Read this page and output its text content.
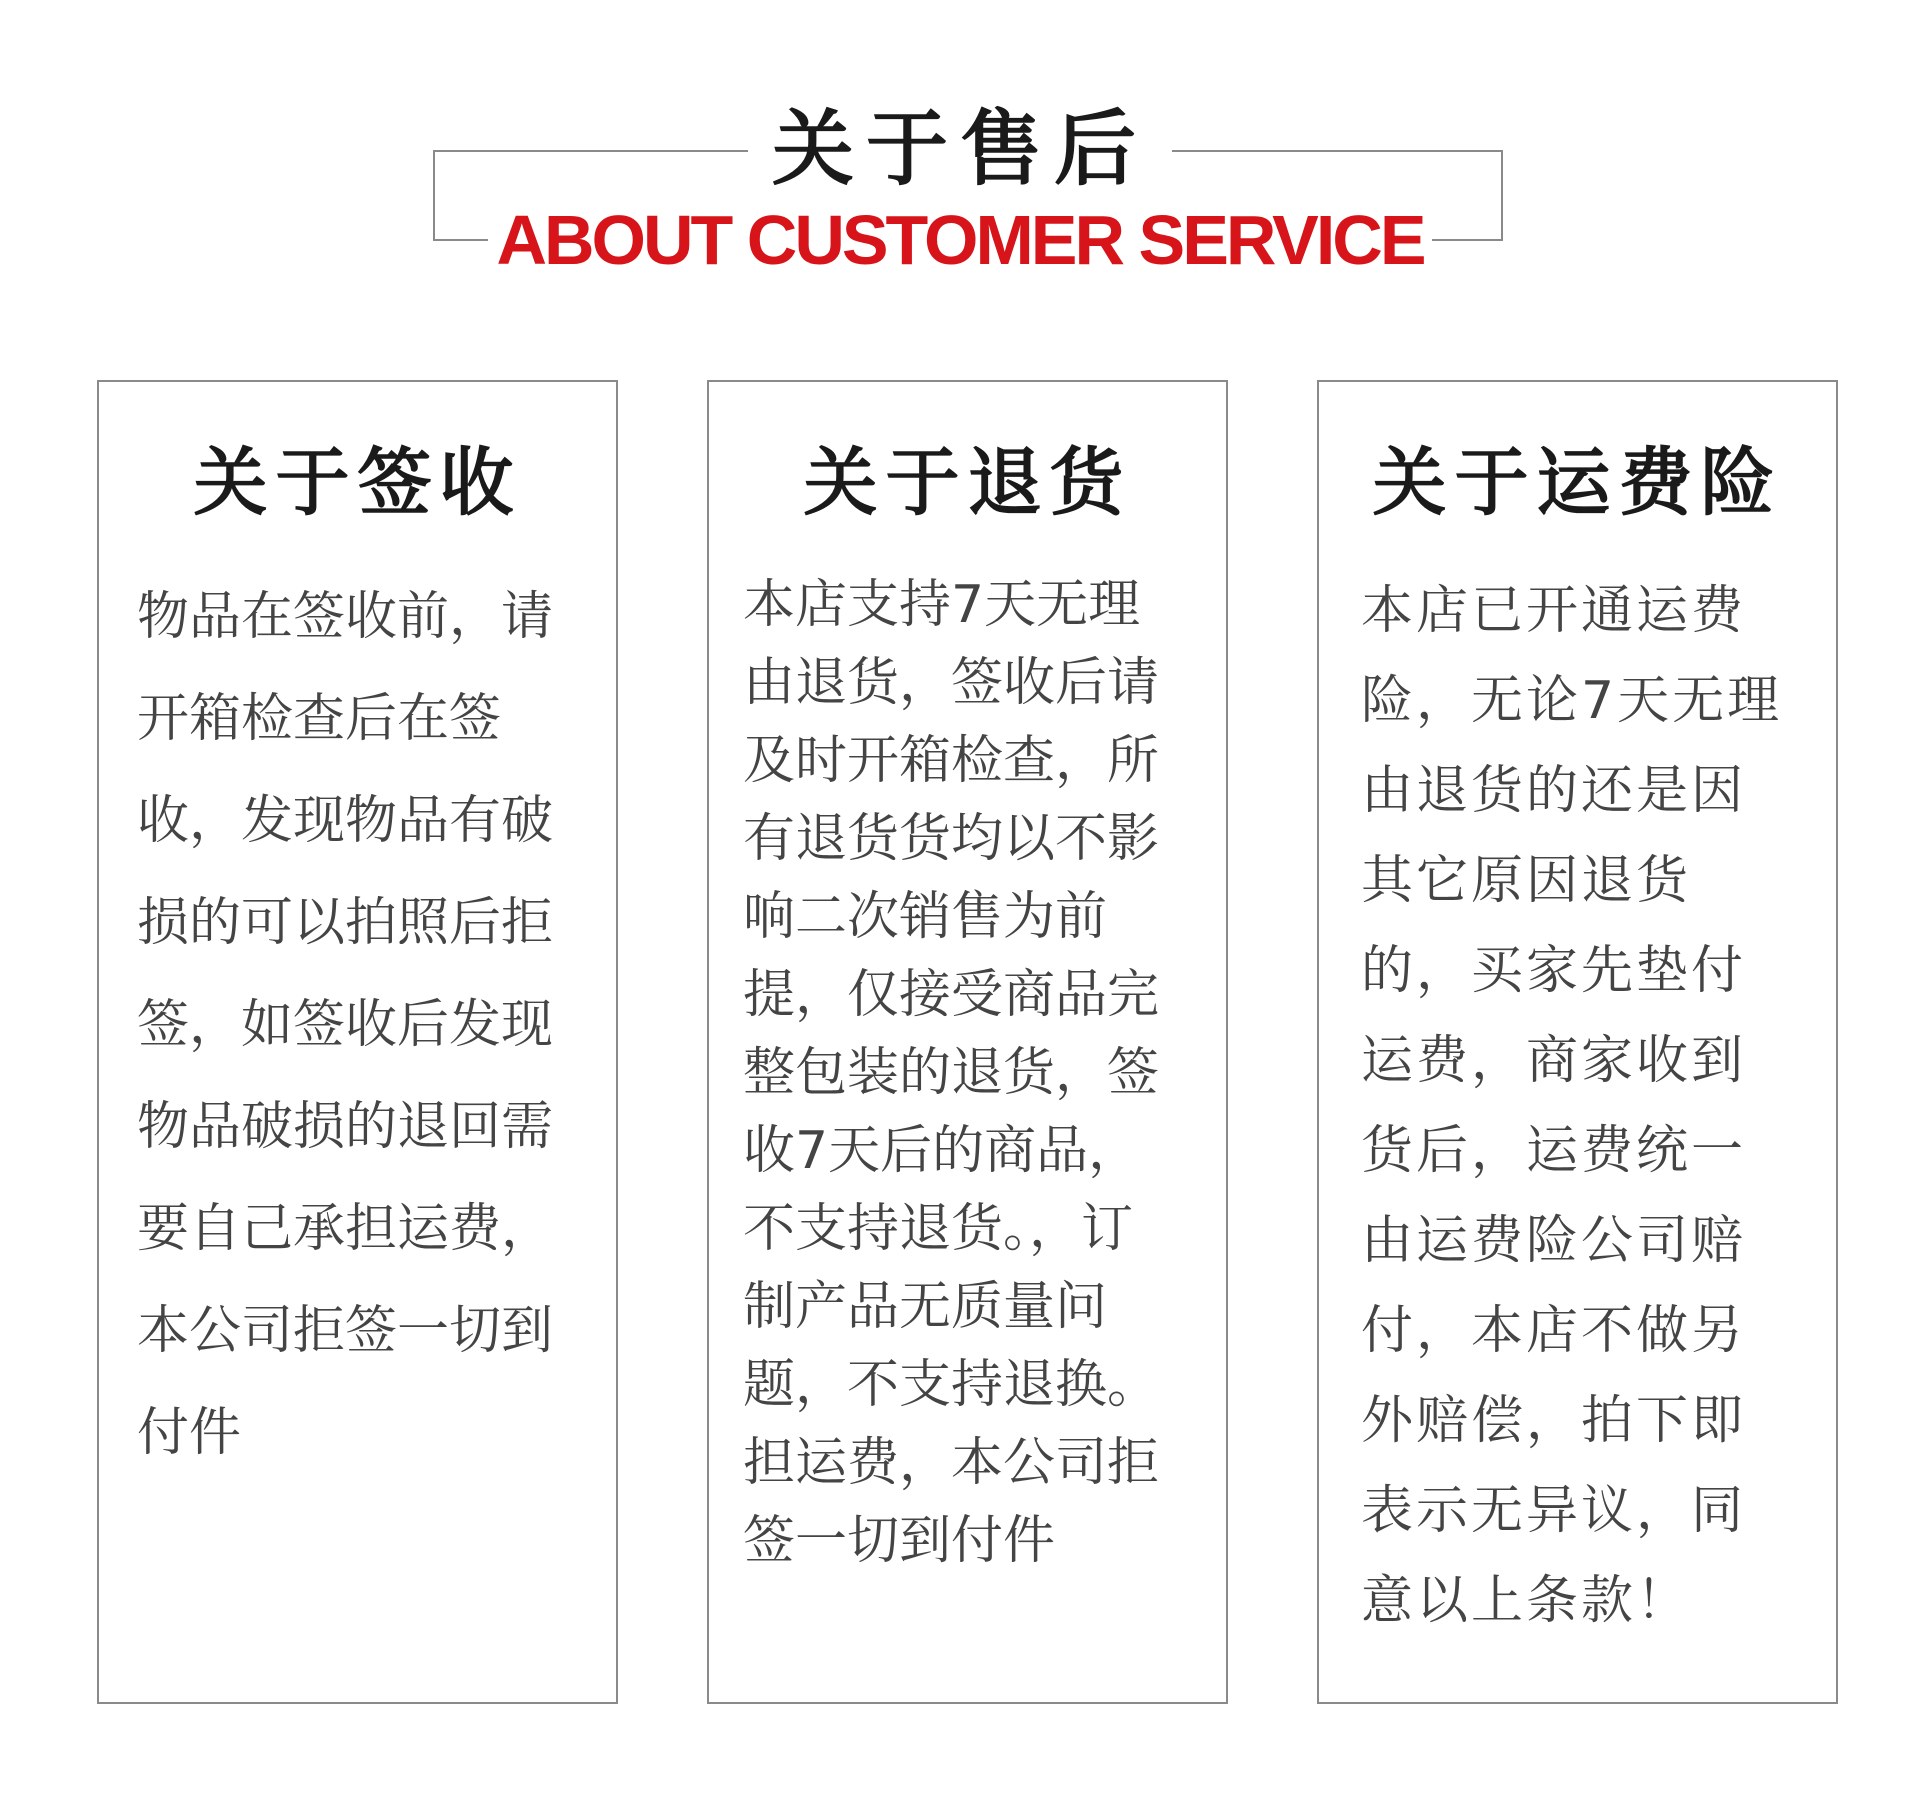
关于售后
ABOUT CUSTOMER SERVICE
关于签收
物品在签收前，请开箱检查后在签收，发现物品有破损的可以拍照后拒签，如签收后发现物品破损的退回需要自己承担运费，本公司拒签一切到付件
关于退货
本店支持7天无理由退货，签收后请及时开箱检查，所有退货货均以不影响二次销售为前提，仅接受商品完整包装的退货，签收7天后的商品，不支持退货。，订制产品无质量问题，不支持退换。担运费，本公司拒签一切到付件
关于运费险
本店已开通运费险，无论7天无理由退货的还是因其它原因退货的，买家先垫付运费，商家收到货后，运费统一由运费险公司赔付，本店不做另外赔偿，拍下即表示无异议，同意以上条款！
